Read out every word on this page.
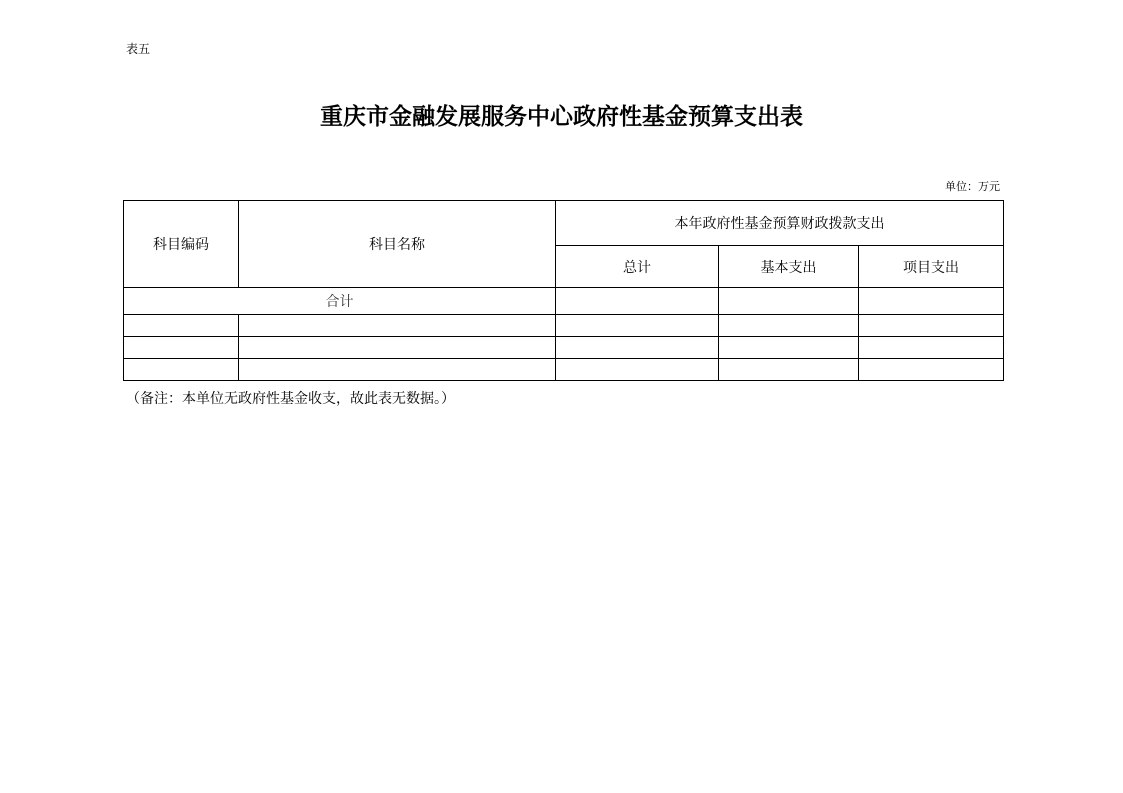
表五
重庆市金融发展服务中心政府性基金预算支出表
单位：万元
科目编码	科目名称	本年政府性基金预算财政拨款支出		
		总计	基本支出	项目支出
合计				

（备注：本单位无政府性基金收支，故此表无数据。）
